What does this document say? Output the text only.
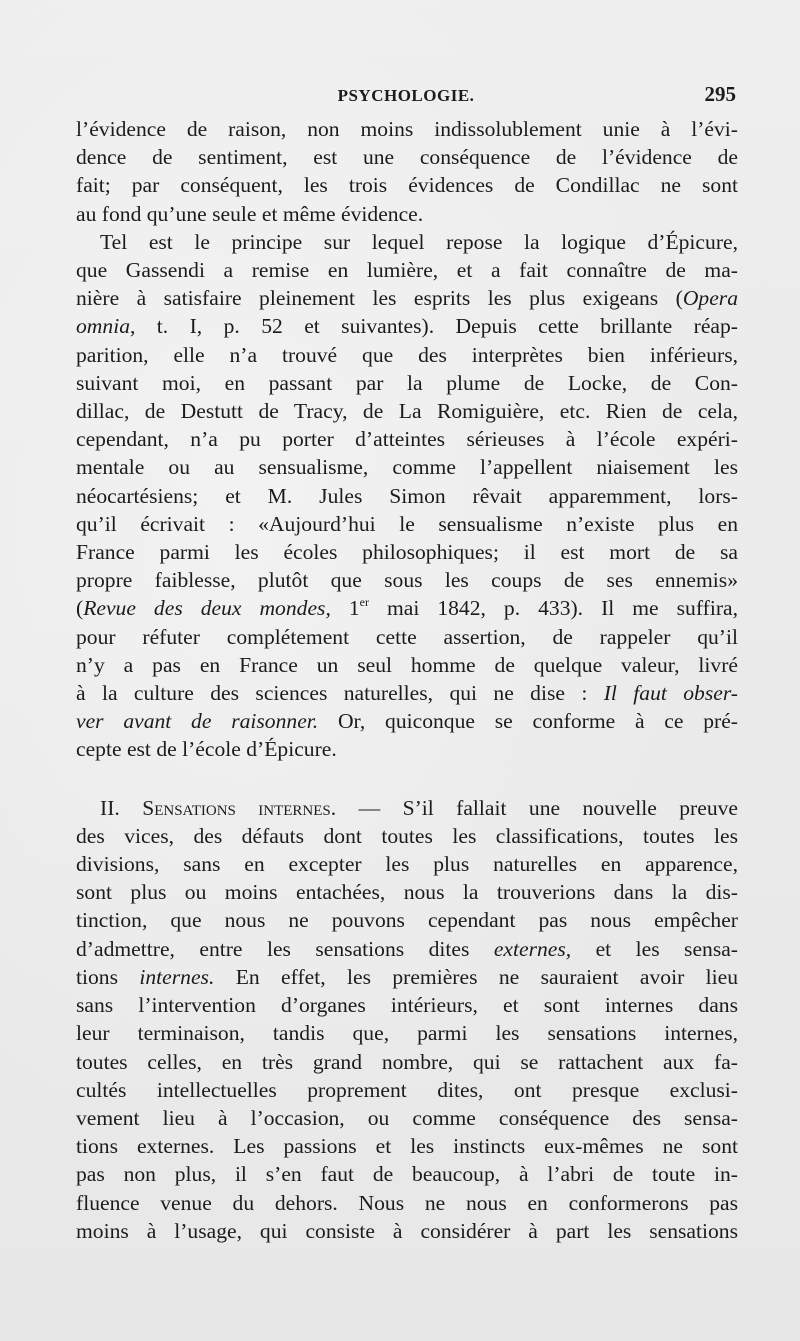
PSYCHOLOGIE.	295
l’évidence de raison, non moins indissolublement unie à l’évi-
dence de sentiment, est une conséquence de l’évidence de
fait; par conséquent, les trois évidences de Condillac ne sont
au fond qu’une seule et même évidence.
Tel est le principe sur lequel repose la logique d’Épicure,
que Gassendi a remise en lumière, et a fait connaître de ma-
nière à satisfaire pleinement les esprits les plus exigeans (Opera
omnia, t. I, p. 52 et suivantes). Depuis cette brillante réap-
parition, elle n’a trouvé que des interprètes bien inférieurs,
suivant moi, en passant par la plume de Locke, de Con-
dillac, de Destutt de Tracy, de La Romiguière, etc. Rien de cela,
cependant, n’a pu porter d’atteintes sérieuses à l’école expéri-
mentale ou au sensualisme, comme l’appellent niaisement les
néocartésiens; et M. Jules Simon rêvait apparemment, lors-
qu’il écrivait : «Aujourd’hui le sensualisme n’existe plus en
France parmi les écoles philosophiques; il est mort de sa
propre faiblesse, plutôt que sous les coups de ses ennemis»
(Revue des deux mondes, 1er mai 1842, p. 433). Il me suffira,
pour réfuter complétement cette assertion, de rappeler qu’il
n’y a pas en France un seul homme de quelque valeur, livré
à la culture des sciences naturelles, qui ne dise : Il faut obser-
ver avant de raisonner. Or, quiconque se conforme à ce pré-
cepte est de l’école d’Épicure.
II. Sensations internes. — S’il fallait une nouvelle preuve
des vices, des défauts dont toutes les classifications, toutes les
divisions, sans en excepter les plus naturelles en apparence,
sont plus ou moins entachées, nous la trouverions dans la dis-
tinction, que nous ne pouvons cependant pas nous empêcher
d’admettre, entre les sensations dites externes, et les sensa-
tions internes. En effet, les premières ne sauraient avoir lieu
sans l’intervention d’organes intérieurs, et sont internes dans
leur terminaison, tandis que, parmi les sensations internes,
toutes celles, en très grand nombre, qui se rattachent aux fa-
cultés intellectuelles proprement dites, ont presque exclusi-
vement lieu à l’occasion, ou comme conséquence des sensa-
tions externes. Les passions et les instincts eux-mêmes ne sont
pas non plus, il s’en faut de beaucoup, à l’abri de toute in-
fluence venue du dehors. Nous ne nous en conformerons pas
moins à l’usage, qui consiste à considérer à part les sensations
